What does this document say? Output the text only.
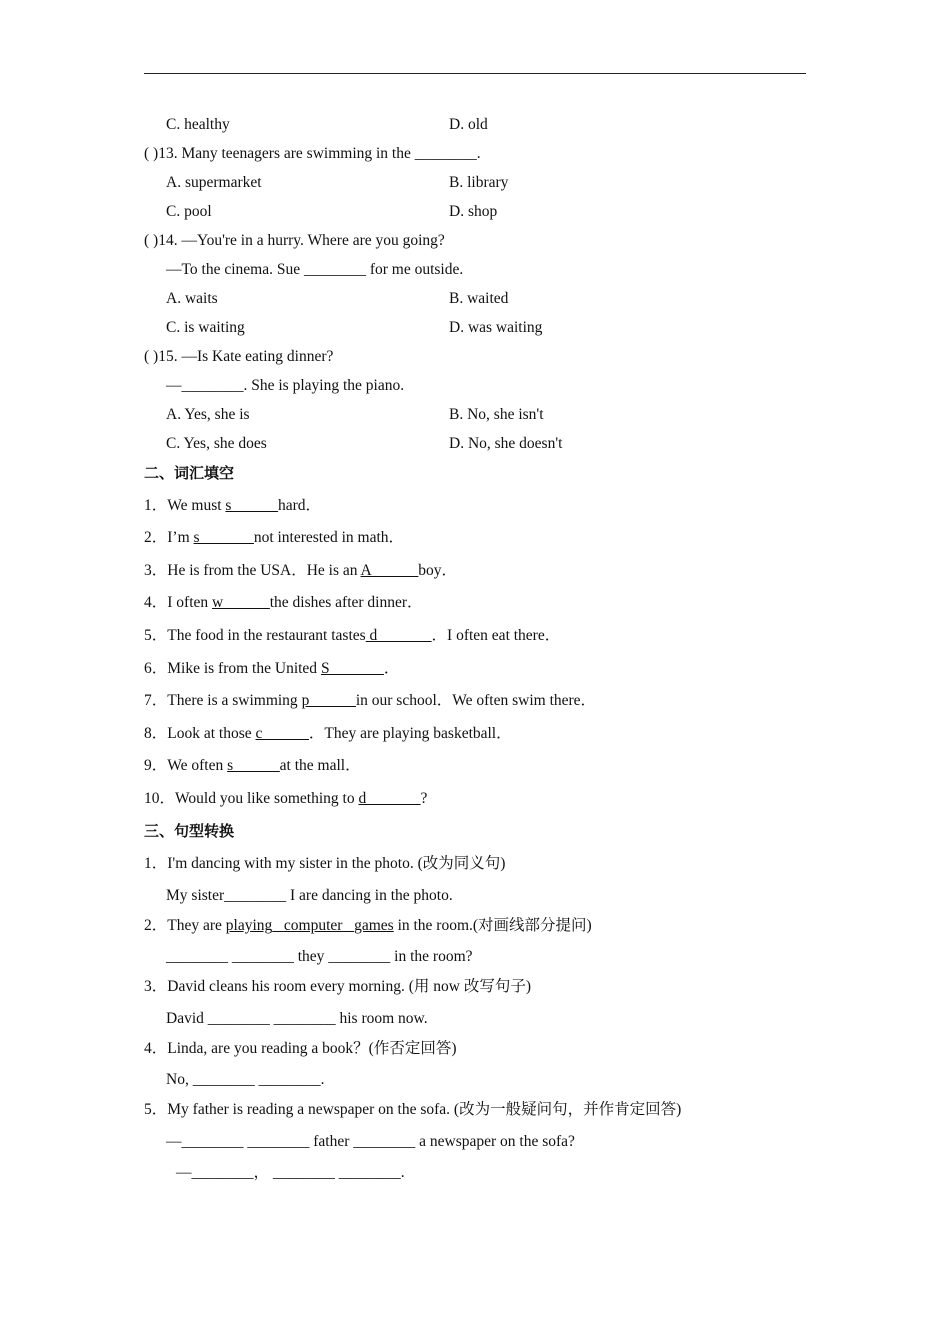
C. healthy	D. old
( )13. Many teenagers are swimming in the ________.
A. supermarket	B. library
C. pool	D. shop
( )14. —You're in a hurry. Where are you going?
—To the cinema. Sue ________ for me outside.
A. waits	B. waited
C. is waiting	D. was waiting
( )15. —Is Kate eating dinner?
—________. She is playing the piano.
A. Yes, she is	B. No, she isn't
C. Yes, she does	D. No, she doesn't
二、词汇填空
1．We must s______hard．
2．I’m s_______not interested in math．
3．He is from the USA．He is an A______boy．
4．I often w______the dishes after dinner．
5．The food in the restaurant tastes d_______．I often eat there．
6．Mike is from the United S_______．
7．There is a swimming p______in our school．We often swim there．
8．Look at those c______．They are playing basketball．
9．We often s______at the mall．
10．Would you like something to d_______?
三、句型转换
1．I'm dancing with my sister in the photo. (改为同义句)
My sister________ I are dancing in the photo.
2．They are playing computer games in the room.(对画线部分提问)
________ ________ they ________ in the room?
3．David cleans his room every morning. (用 now 改写句子)
David ________ ________ his room now.
4．Linda, are you reading a book？(作否定回答)
No, ________ ________.
5．My father is reading a newspaper on the sofa. (改为一般疑问句，并作肯定回答)
—________ ________ father ________ a newspaper on the sofa?
—________， ________ ________.
